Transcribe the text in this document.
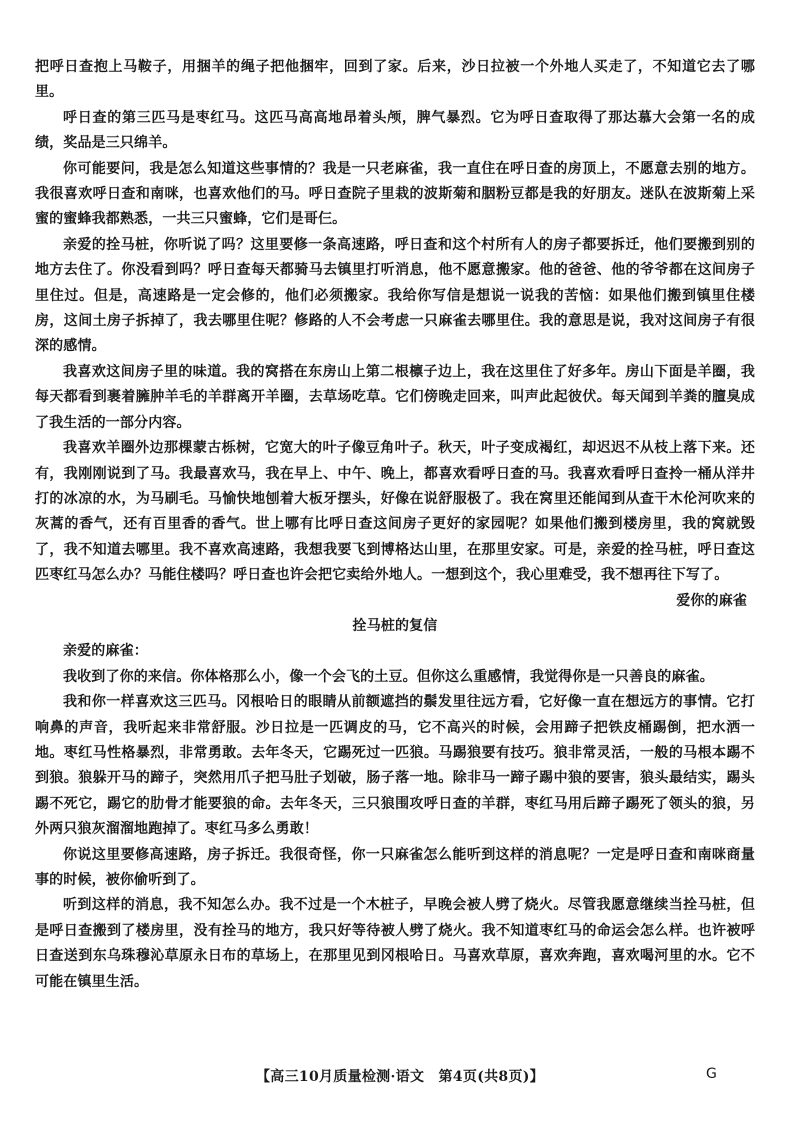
把呼日查抱上马鞍子，用捆羊的绳子把他捆牢，回到了家。后来，沙日拉被一个外地人买走了，不知道它去了哪里。

呼日查的第三匹马是枣红马。这匹马高高地昂着头颅，脾气暴烈。它为呼日查取得了那达慕大会第一名的成绩，奖品是三只绵羊。

你可能要问，我是怎么知道这些事情的？我是一只老麻雀，我一直住在呼日查的房顶上，不愿意去别的地方。我很喜欢呼日查和南咪，也喜欢他们的马。呼日查院子里栽的波斯菊和胭粉豆都是我的好朋友。迷队在波斯菊上采蜜的蜜蜂我都熟悉，一共三只蜜蜂，它们是哥仨。

亲爱的拴马桩，你听说了吗？这里要修一条高速路，呼日查和这个村所有人的房子都要拆迁，他们要搬到别的地方去住了。你没看到吗？呼日查每天都骑马去镇里打听消息，他不愿意搬家。他的爸爸、他的爷爷都在这间房子里住过。但是，高速路是一定会修的，他们必须搬家。我给你写信是想说一说我的苦恼：如果他们搬到镇里住楼房，这间土房子拆掉了，我去哪里住呢？修路的人不会考虑一只麻雀去哪里住。我的意思是说，我对这间房子有很深的感情。

我喜欢这间房子里的味道。我的窝搭在东房山上第二根檩子边上，我在这里住了好多年。房山下面是羊圈，我每天都看到裹着臃肿羊毛的羊群离开羊圈，去草场吃草。它们傍晚走回来，叫声此起彼伏。每天闻到羊粪的膻臭成了我生活的一部分内容。

我喜欢羊圈外边那棵蒙古栎树，它宽大的叶子像豆角叶子。秋天，叶子变成褐红，却迟迟不从枝上落下来。还有，我刚刚说到了马。我最喜欢马，我在早上、中午、晚上，都喜欢看呼日查的马。我喜欢看呼日查拎一桶从洋井打的冰凉的水，为马刷毛。马愉快地刨着大板牙摆头，好像在说舒服极了。我在窝里还能闻到从查干木伦河吹来的灰蒿的香气，还有百里香的香气。世上哪有比呼日查这间房子更好的家园呢？如果他们搬到楼房里，我的窝就毁了，我不知道去哪里。我不喜欢高速路，我想我要飞到博格达山里，在那里安家。可是，亲爱的拴马桩，呼日查这匹枣红马怎么办？马能住楼吗？呼日查也许会把它卖给外地人。一想到这个，我心里难受，我不想再往下写了。

爱你的麻雀

拴马桩的复信

亲爱的麻雀：

我收到了你的来信。你体格那么小，像一个会飞的土豆。但你这么重感情，我觉得你是一只善良的麻雀。

我和你一样喜欢这三匹马。冈根哈日的眼睛从前额遮挡的鬃发里往远方看，它好像一直在想远方的事情。它打响鼻的声音，我听起来非常舒服。沙日拉是一匹调皮的马，它不高兴的时候，会用蹄子把铁皮桶踢倒，把水洒一地。枣红马性格暴烈，非常勇敢。去年冬天，它踢死过一匹狼。马踢狼要有技巧。狼非常灵活，一般的马根本踢不到狼。狼躲开马的蹄子，突然用爪子把马肚子划破，肠子落一地。除非马一蹄子踢中狼的要害，狼头最结实，踢头踢不死它，踢它的肋骨才能要狼的命。去年冬天，三只狼围攻呼日查的羊群，枣红马用后蹄子踢死了领头的狼，另外两只狼灰溜溜地跑掉了。枣红马多么勇敢！

你说这里要修高速路，房子拆迁。我很奇怪，你一只麻雀怎么能听到这样的消息呢？一定是呼日查和南咪商量事的时候，被你偷听到了。

听到这样的消息，我不知怎么办。我不过是一个木桩子，早晚会被人劈了烧火。尽管我愿意继续当拴马桩，但是呼日查搬到了楼房里，没有拴马的地方，我只好等待被人劈了烧火。我不知道枣红马的命运会怎么样。也许被呼日查送到东乌珠穆沁草原永日布的草场上，在那里见到冈根哈日。马喜欢草原，喜欢奔跑，喜欢喝河里的水。它不可能在镇里生活。

【高三10月质量检测·语文　第4页(共8页)】	G
